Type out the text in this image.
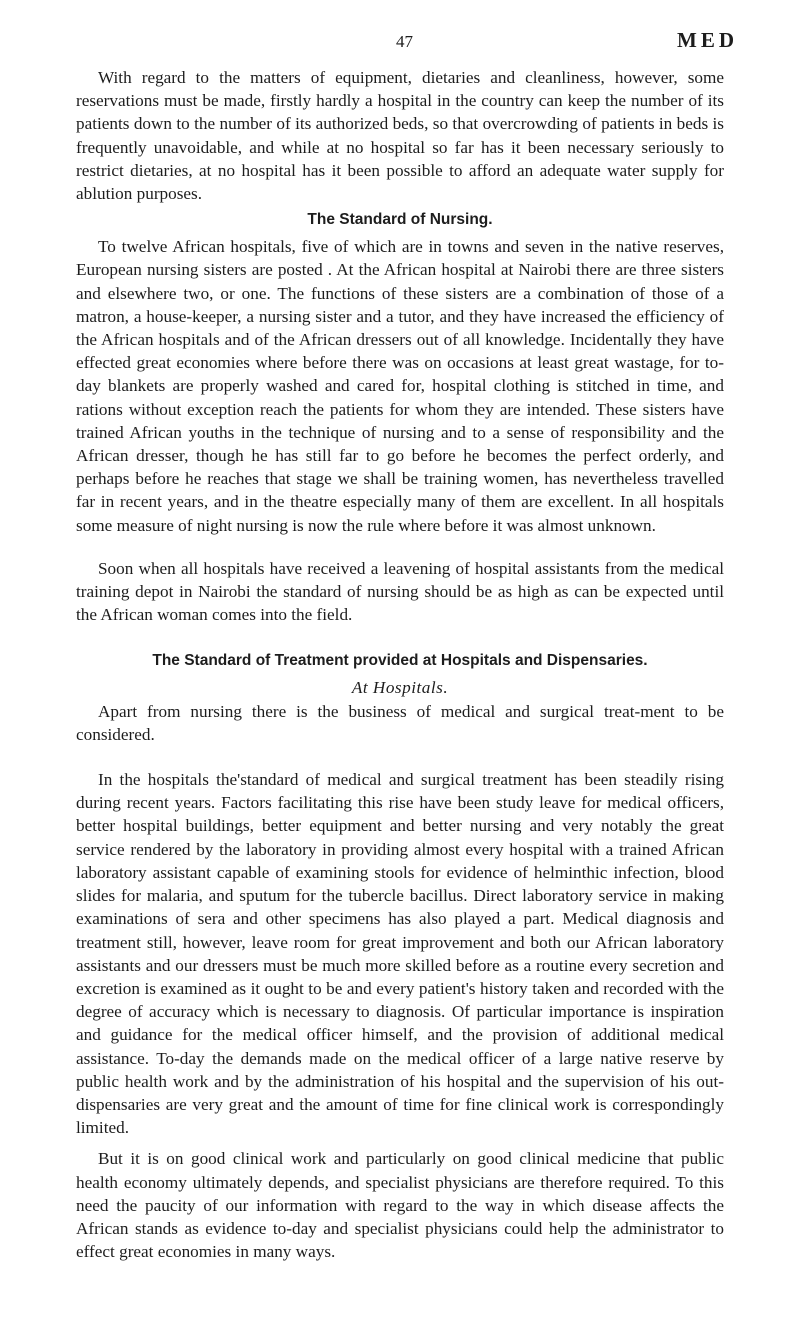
47	MED

With regard to the matters of equipment, dietaries and cleanliness, however, some reservations must be made, firstly hardly a hospital in the country can keep the number of its patients down to the number of its authorized beds, so that overcrowding of patients in beds is frequently unavoidable, and while at no hospital so far has it been necessary seriously to restrict dietaries, at no hospital has it been possible to afford an adequate water supply for ablution purposes.

The Standard of Nursing.

To twelve African hospitals, five of which are in towns and seven in the native reserves, European nursing sisters are posted . At the African hospital at Nairobi there are three sisters and elsewhere two, or one. The functions of these sisters are a combination of those of a matron, a house-keeper, a nursing sister and a tutor, and they have increased the efficiency of the African hospitals and of the African dressers out of all knowledge. Incidentally they have effected great economies where before there was on occasions at least great wastage, for to-day blankets are properly washed and cared for, hospital clothing is stitched in time, and rations without exception reach the patients for whom they are intended. These sisters have trained African youths in the technique of nursing and to a sense of responsibility and the African dresser, though he has still far to go before he becomes the perfect orderly, and perhaps before he reaches that stage we shall be training women, has nevertheless travelled far in recent years, and in the theatre especially many of them are excellent. In all hospitals some measure of night nursing is now the rule where before it was almost unknown.

Soon when all hospitals have received a leavening of hospital assistants from the medical training depot in Nairobi the standard of nursing should be as high as can be expected until the African woman comes into the field.

The Standard of Treatment provided at Hospitals and Dispensaries.
At Hospitals.

Apart from nursing there is the business of medical and surgical treat-ment to be considered.

In the hospitals the'standard of medical and surgical treatment has been steadily rising during recent years. Factors facilitating this rise have been study leave for medical officers, better hospital buildings, better equipment and better nursing and very notably the great service rendered by the laboratory in providing almost every hospital with a trained African laboratory assistant capable of examining stools for evidence of helminthic infection, blood slides for malaria, and sputum for the tubercle bacillus. Direct laboratory service in making examinations of sera and other specimens has also played a part. Medical diagnosis and treatment still, however, leave room for great improvement and both our African laboratory assistants and our dressers must be much more skilled before as a routine every secretion and excretion is examined as it ought to be and every patient's history taken and recorded with the degree of accuracy which is necessary to diagnosis. Of particular importance is inspiration and guidance for the medical officer himself, and the provision of additional medical assistance. To-day the demands made on the medical officer of a large native reserve by public health work and by the administration of his hospital and the supervision of his out-dispensaries are very great and the amount of time for fine clinical work is correspondingly limited.

But it is on good clinical work and particularly on good clinical medicine that public health economy ultimately depends, and specialist physicians are therefore required. To this need the paucity of our information with regard to the way in which disease affects the African stands as evidence to-day and specialist physicians could help the administrator to effect great economies in many ways.
